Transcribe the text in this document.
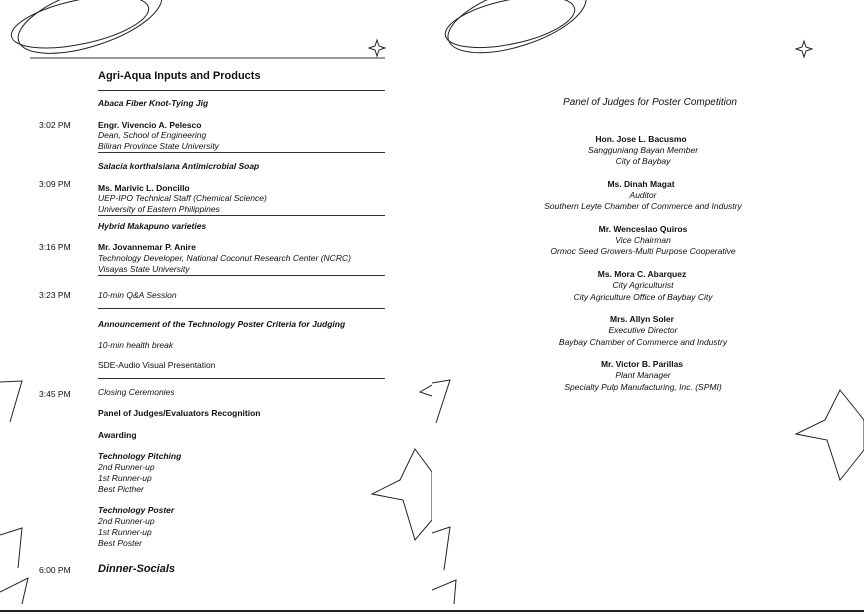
Agri-Aqua Inputs and Products
Abaca Fiber Knot-Tying Jig
3:02 PM	Engr. Vivencio A. Pelesco
Dean, School of Engineering
Biliran Province State University
Salacia korthalsiana Antimicrobial Soap
3:09 PM	Ms. Marivic L. Doncillo
UEP-IPO Technical Staff (Chemical Science)
University of Eastern Philippines
Hybrid Makapuno varieties
3:16 PM	Mr. Jovannemar P. Anire
Technology Developer, National Coconut Research Center (NCRC)
Visayas State University
3:23 PM	10-min Q&A Session
Announcement of the Technology Poster Criteria for Judging
10-min health break
SDE-Audio Visual Presentation
3:45 PM	Closing Ceremonies
Panel of Judges/Evaluators Recognition
Awarding
Technology Pitching
2nd Runner-up
1st Runner-up
Best Picther
Technology Poster
2nd Runner-up
1st Runner-up
Best Poster
6:00 PM Dinner-Socials
Panel of Judges for Poster Competition
Hon. Jose L. Bacusmo
Sangguniang Bayan Member
City of Baybay
Ms. Dinah Magat
Auditor
Southern Leyte Chamber of Commerce and Industry
Mr. Wenceslao Quiros
Vice Chairman
Ormoc Seed Growers-Multi Purpose Cooperative
Ms. Mora C. Abarquez
City Agriculturist
City Agriculture Office of Baybay City
Mrs. Allyn Soler
Executive Director
Baybay Chamber of Commerce and Industry
Mr. Victor B. Parillas
Plant Manager
Specialty Pulp Manufacturing, Inc. (SPMI)
